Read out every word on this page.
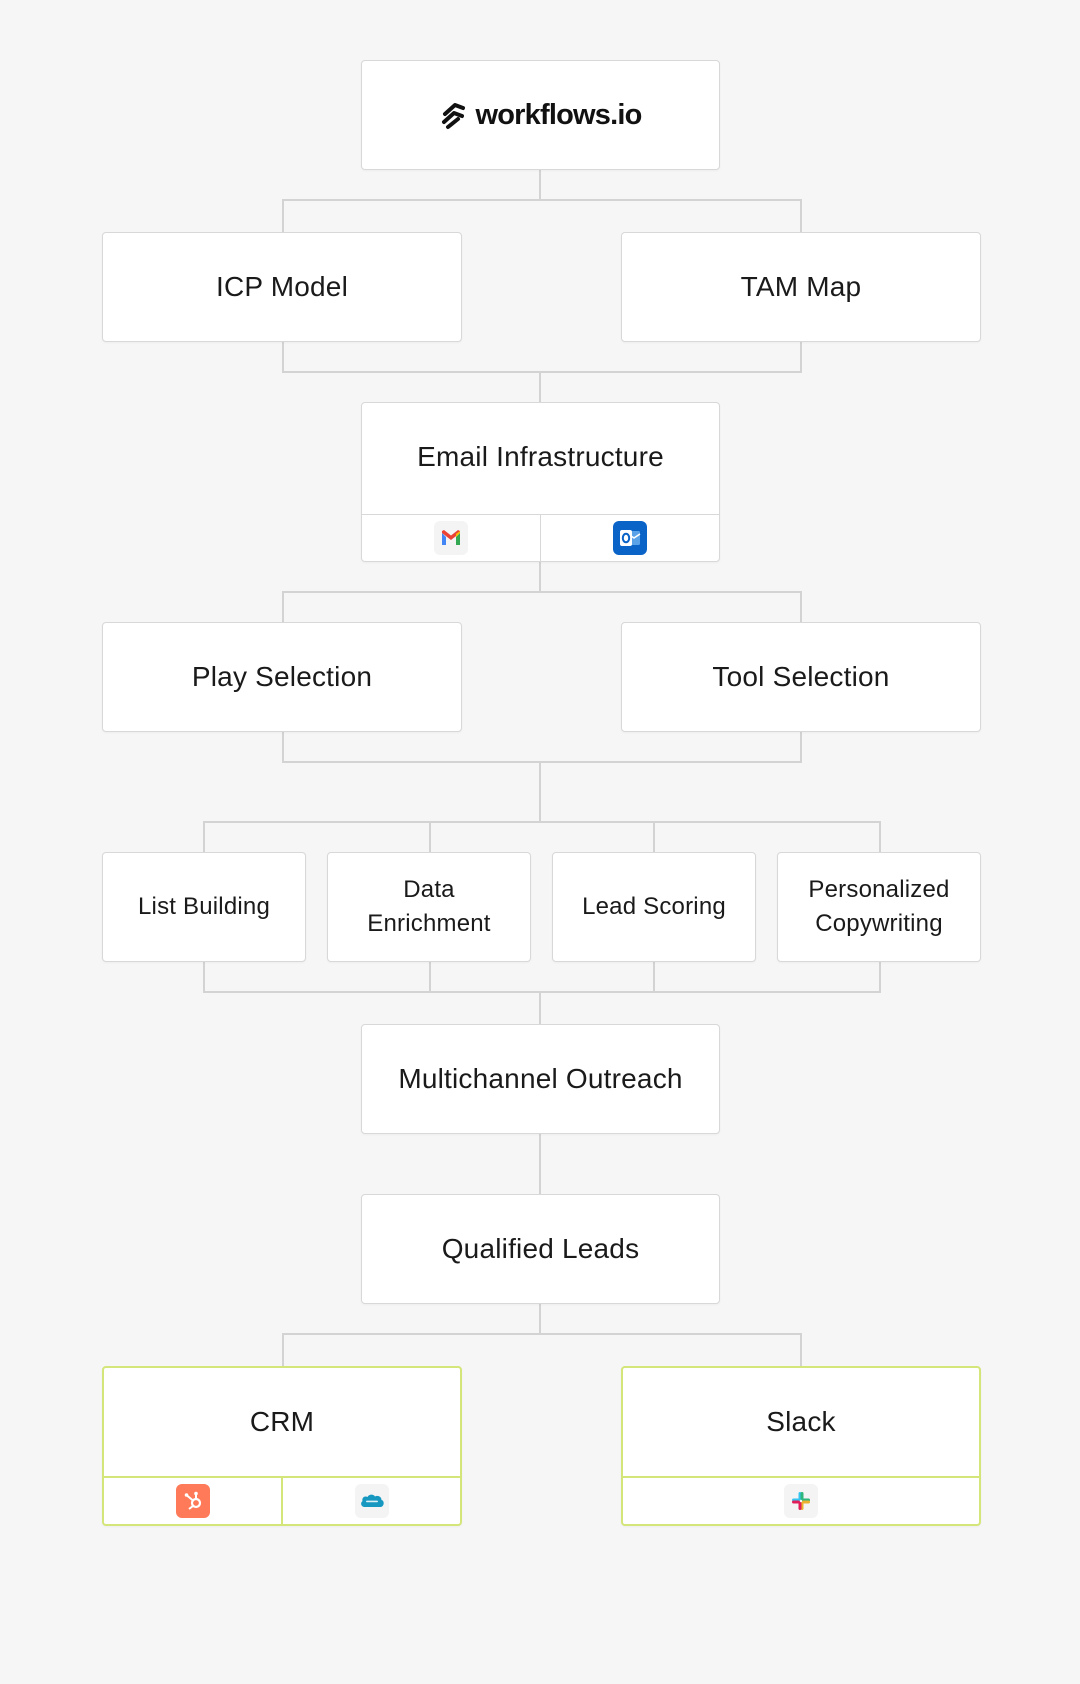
workflows.io
ICP Model	TAM Map
Email Infrastructure
Play Selection	Tool Selection
List Building
Data
Enrichment
Lead Scoring
Personalized
Copywriting
Multichannel Outreach
Qualified Leads
CRM	Slack
